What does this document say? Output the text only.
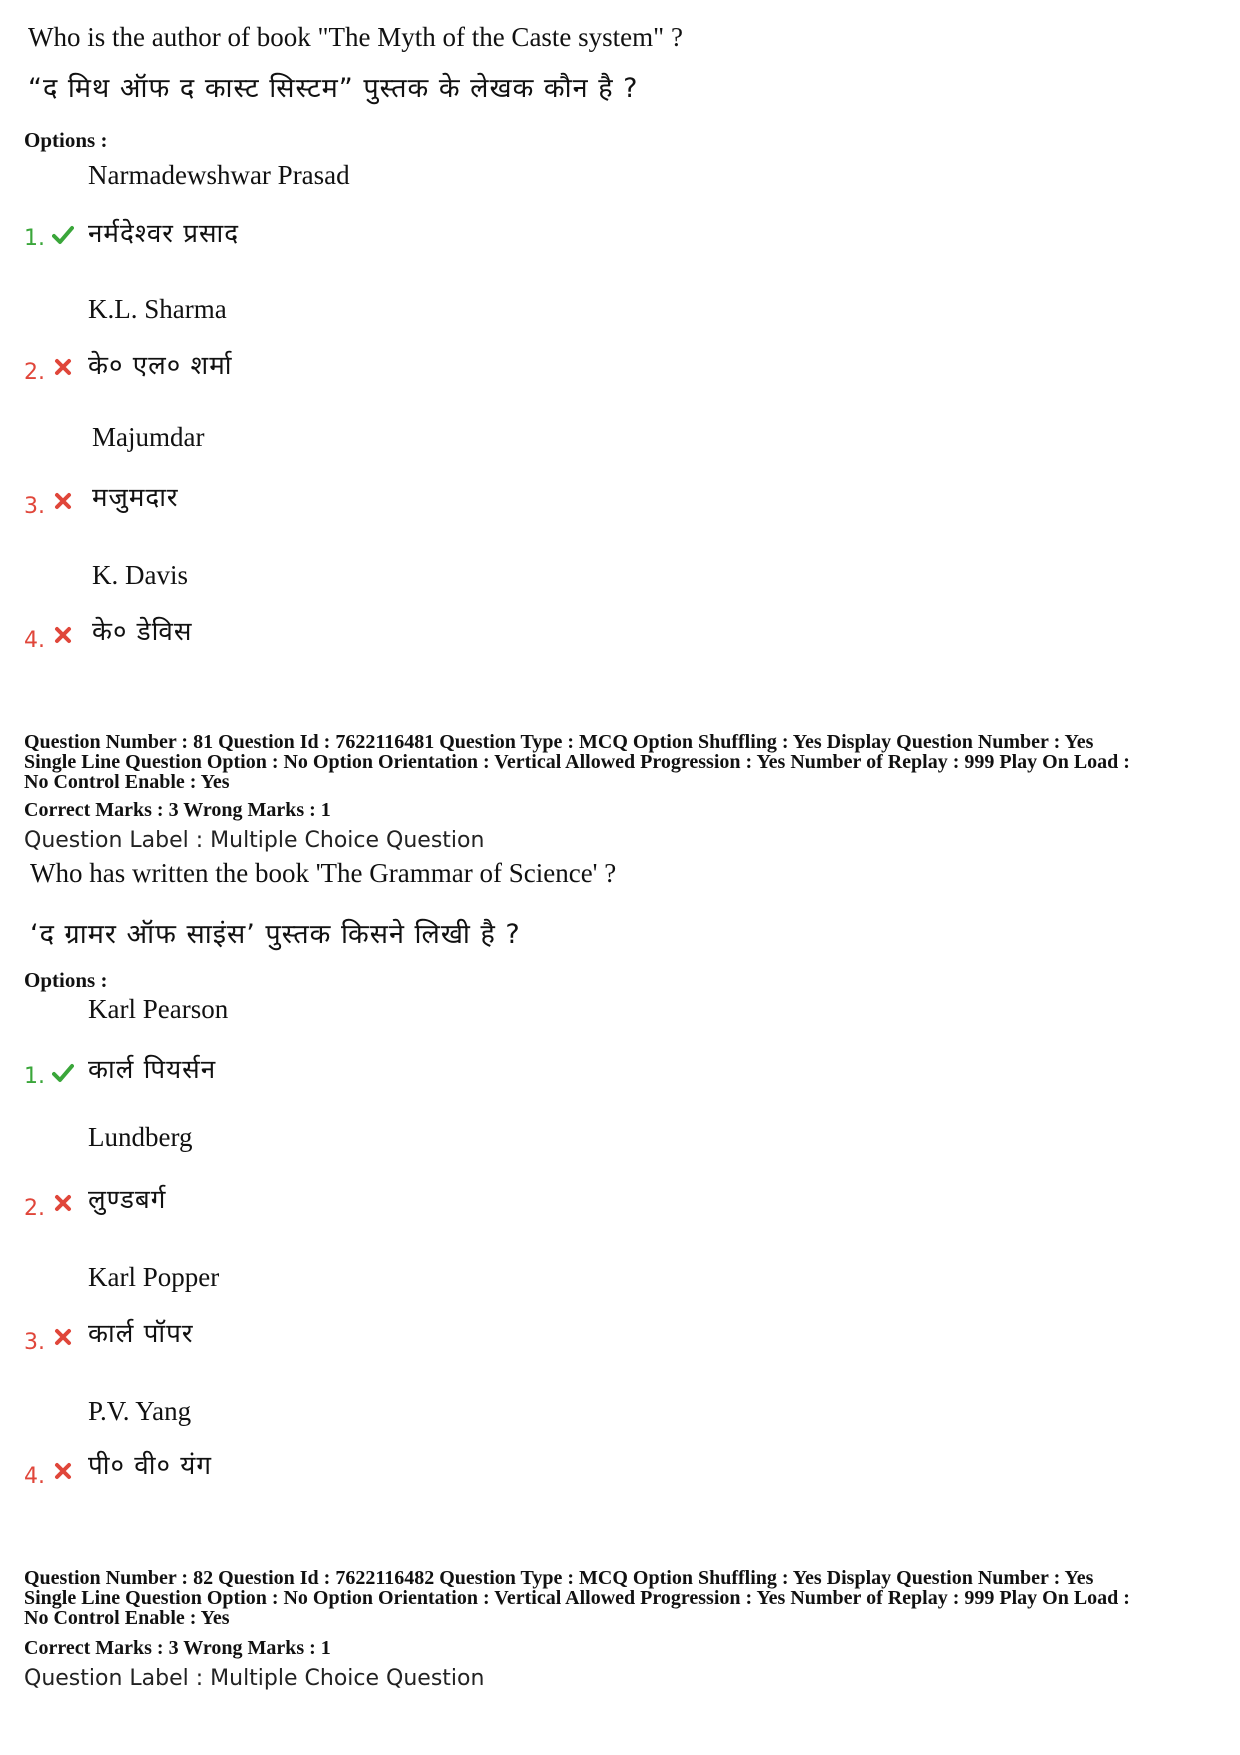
Who is the author of book "The Myth of the Caste system" ?
“द मिथ ऑफ द कास्ट सिस्टम” पुस्तक के लेखक कौन है ?
Options :
Narmadewshwar Prasad
1. नर्मदेश्वर प्रसाद
K.L. Sharma
2. के० एल० शर्मा
Majumdar
3. मजुमदार
K. Davis
4. के० डेविस
Question Number : 81 Question Id : 7622116481 Question Type : MCQ Option Shuffling : Yes Display Question Number : Yes
Single Line Question Option : No Option Orientation : Vertical Allowed Progression : Yes Number of Replay : 999 Play On Load :
No Control Enable : Yes
Correct Marks : 3 Wrong Marks : 1
Question Label : Multiple Choice Question
Who has written the book 'The Grammar of Science' ?
‘द ग्रामर ऑफ साइंस’ पुस्तक किसने लिखी है ?
Options :
Karl Pearson
1. कार्ल पियर्सन
Lundberg
2. लुण्डबर्ग
Karl Popper
3. कार्ल पॉपर
P.V. Yang
4. पी० वी० यंग
Question Number : 82 Question Id : 7622116482 Question Type : MCQ Option Shuffling : Yes Display Question Number : Yes
Single Line Question Option : No Option Orientation : Vertical Allowed Progression : Yes Number of Replay : 999 Play On Load :
No Control Enable : Yes
Correct Marks : 3 Wrong Marks : 1
Question Label : Multiple Choice Question
